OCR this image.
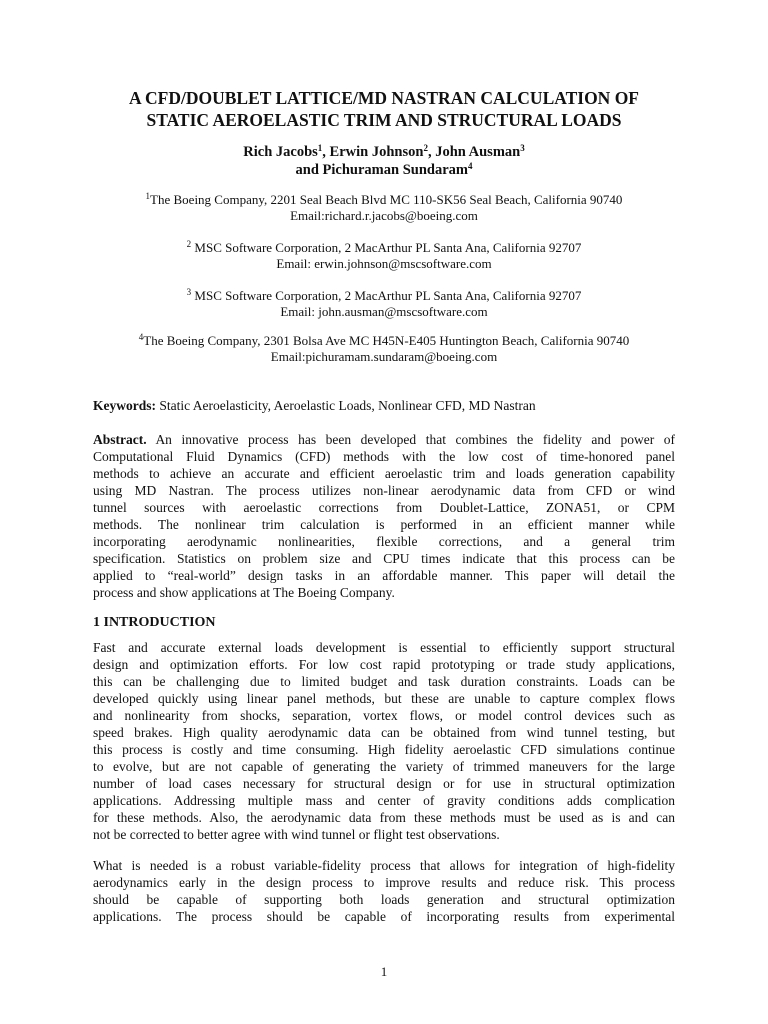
A CFD/DOUBLET LATTICE/MD NASTRAN CALCULATION OF
STATIC AEROELASTIC TRIM AND STRUCTURAL LOADS
Rich Jacobs$^1$, Erwin Johnson$^2$, John Ausman$^3$
and Pichuraman Sundaram$^4$
$^1$The Boeing Company, 2201 Seal Beach Blvd MC 110-SK56 Seal Beach, California 90740
Email:richard.r.jacobs@boeing.com
$^2$ MSC Software Corporation, 2 MacArthur PL Santa Ana, California 92707
Email: erwin.johnson@mscsoftware.com
$^3$ MSC Software Corporation, 2 MacArthur PL Santa Ana, California 92707
Email: john.ausman@mscsoftware.com
$^4$The Boeing Company, 2301 Bolsa Ave MC H45N-E405 Huntington Beach, California 90740
Email:pichuramam.sundaram@boeing.com
Keywords: Static Aeroelasticity, Aeroelastic Loads, Nonlinear CFD, MD Nastran
Abstract. An innovative process has been developed that combines the fidelity and power of
Computational Fluid Dynamics (CFD) methods with the low cost of time-honored panel
methods to achieve an accurate and efficient aeroelastic trim and loads generation capability
using MD Nastran. The process utilizes non-linear aerodynamic data from CFD or wind
tunnel sources with aeroelastic corrections from Doublet-Lattice, ZONA51, or CPM
methods. The nonlinear trim calculation is performed in an efficient manner while
incorporating aerodynamic nonlinearities, flexible corrections, and a general trim
specification. Statistics on problem size and CPU times indicate that this process can be
applied to “real-world” design tasks in an affordable manner. This paper will detail the
process and show applications at The Boeing Company.
1 INTRODUCTION
Fast and accurate external loads development is essential to efficiently support structural
design and optimization efforts. For low cost rapid prototyping or trade study applications,
this can be challenging due to limited budget and task duration constraints. Loads can be
developed quickly using linear panel methods, but these are unable to capture complex flows
and nonlinearity from shocks, separation, vortex flows, or model control devices such as
speed brakes. High quality aerodynamic data can be obtained from wind tunnel testing, but
this process is costly and time consuming. High fidelity aeroelastic CFD simulations continue
to evolve, but are not capable of generating the variety of trimmed maneuvers for the large
number of load cases necessary for structural design or for use in structural optimization
applications. Addressing multiple mass and center of gravity conditions adds complication
for these methods. Also, the aerodynamic data from these methods must be used as is and can
not be corrected to better agree with wind tunnel or flight test observations.
What is needed is a robust variable-fidelity process that allows for integration of high-fidelity
aerodynamics early in the design process to improve results and reduce risk. This process
should be capable of supporting both loads generation and structural optimization
applications. The process should be capable of incorporating results from experimental
1
